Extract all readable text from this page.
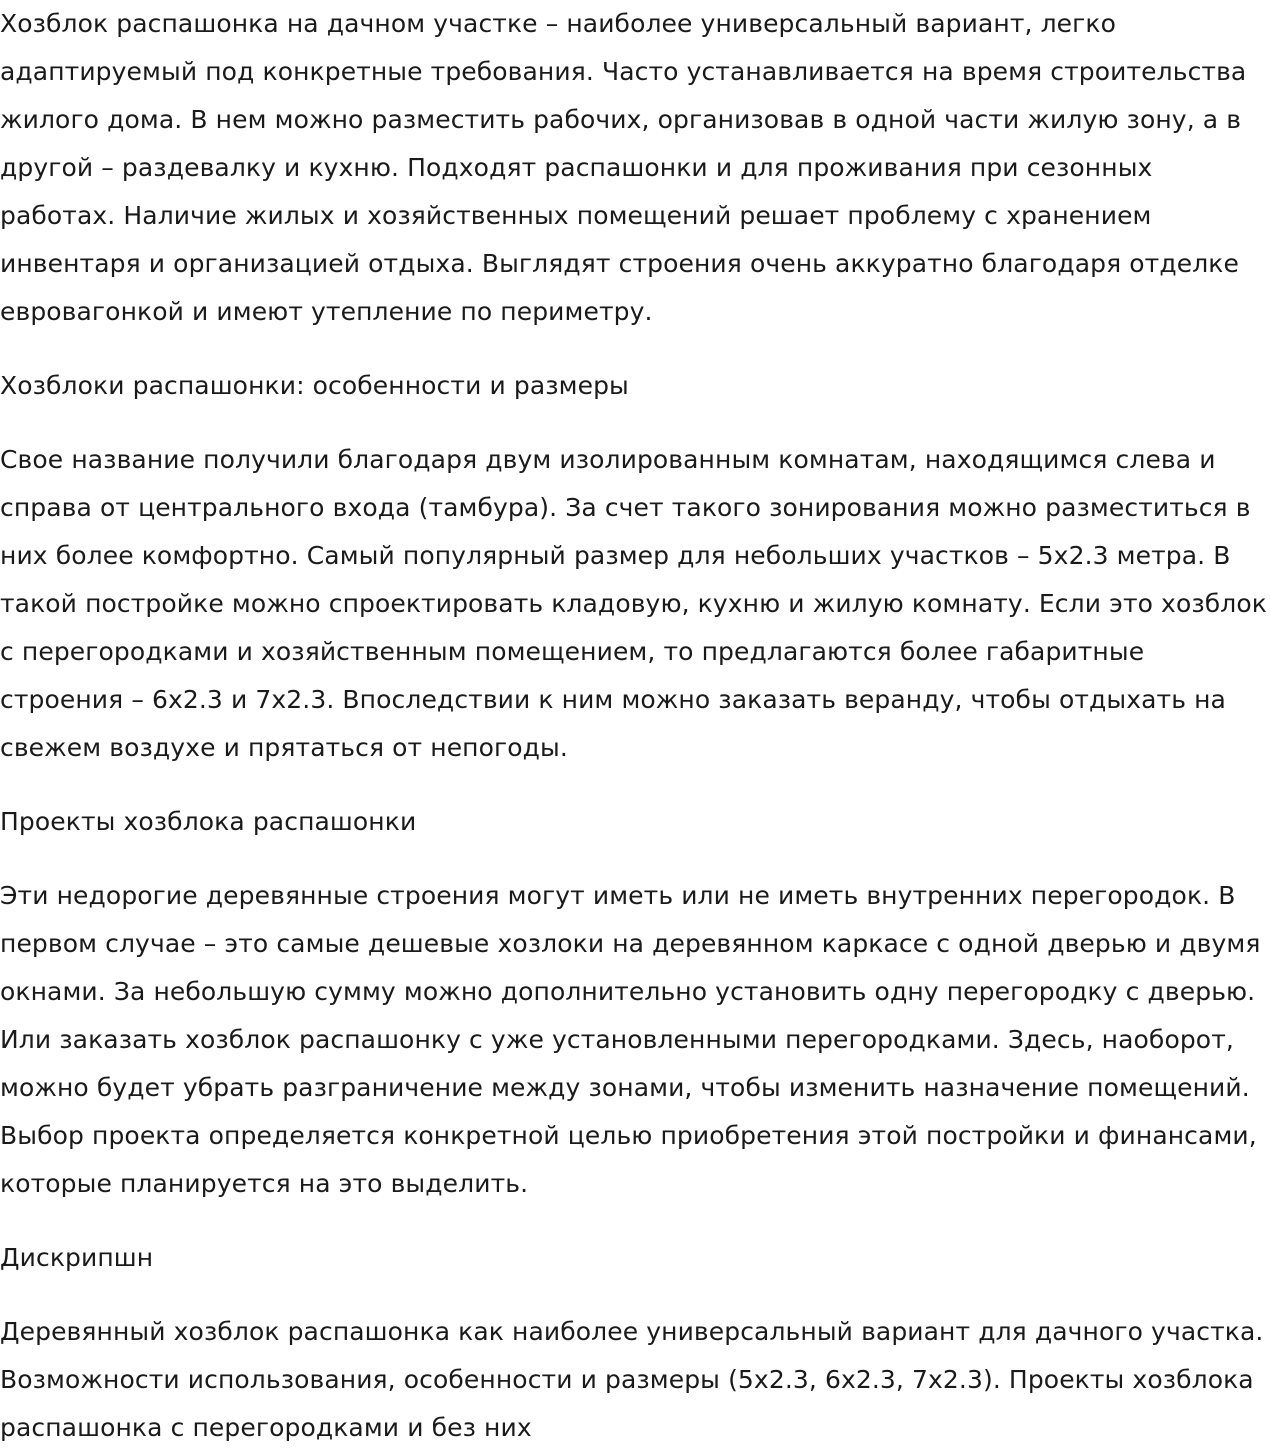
Хозблок распашонка на дачном участке – наиболее универсальный вариант, легко адаптируемый под конкретные требования. Часто устанавливается на время строительства жилого дома. В нем можно разместить рабочих, организовав в одной части жилую зону, а в другой – раздевалку и кухню. Подходят распашонки и для проживания при сезонных работах. Наличие жилых и хозяйственных помещений решает проблему с хранением инвентаря и организацией отдыха. Выглядят строения очень аккуратно благодаря отделке евровагонкой и имеют утепление по периметру.

Хозблоки распашонки: особенности и размеры

Свое название получили благодаря двум изолированным комнатам, находящимся слева и справа от центрального входа (тамбура). За счет такого зонирования можно разместиться в них более комфортно. Самый популярный размер для небольших участков – 5х2.3 метра. В такой постройке можно спроектировать кладовую, кухню и жилую комнату. Если это хозблок с перегородками и хозяйственным помещением, то предлагаются более габаритные строения – 6х2.3 и 7х2.3. Впоследствии к ним можно заказать веранду, чтобы отдыхать на свежем воздухе и прятаться от непогоды.

Проекты хозблока распашонки

Эти недорогие деревянные строения могут иметь или не иметь внутренних перегородок. В первом случае – это самые дешевые хозлоки на деревянном каркасе с одной дверью и двумя окнами. За небольшую сумму можно дополнительно установить одну перегородку с дверью. Или заказать хозблок распашонку с уже установленными перегородками. Здесь, наоборот, можно будет убрать разграничение между зонами, чтобы изменить назначение помещений. Выбор проекта определяется конкретной целью приобретения этой постройки и финансами, которые планируется на это выделить.

Дискрипшн

Деревянный хозблок распашонка как наиболее универсальный вариант для дачного участка. Возможности использования, особенности и размеры (5х2.3, 6х2.3, 7х2.3). Проекты хозблока распашонка с перегородками и без них
